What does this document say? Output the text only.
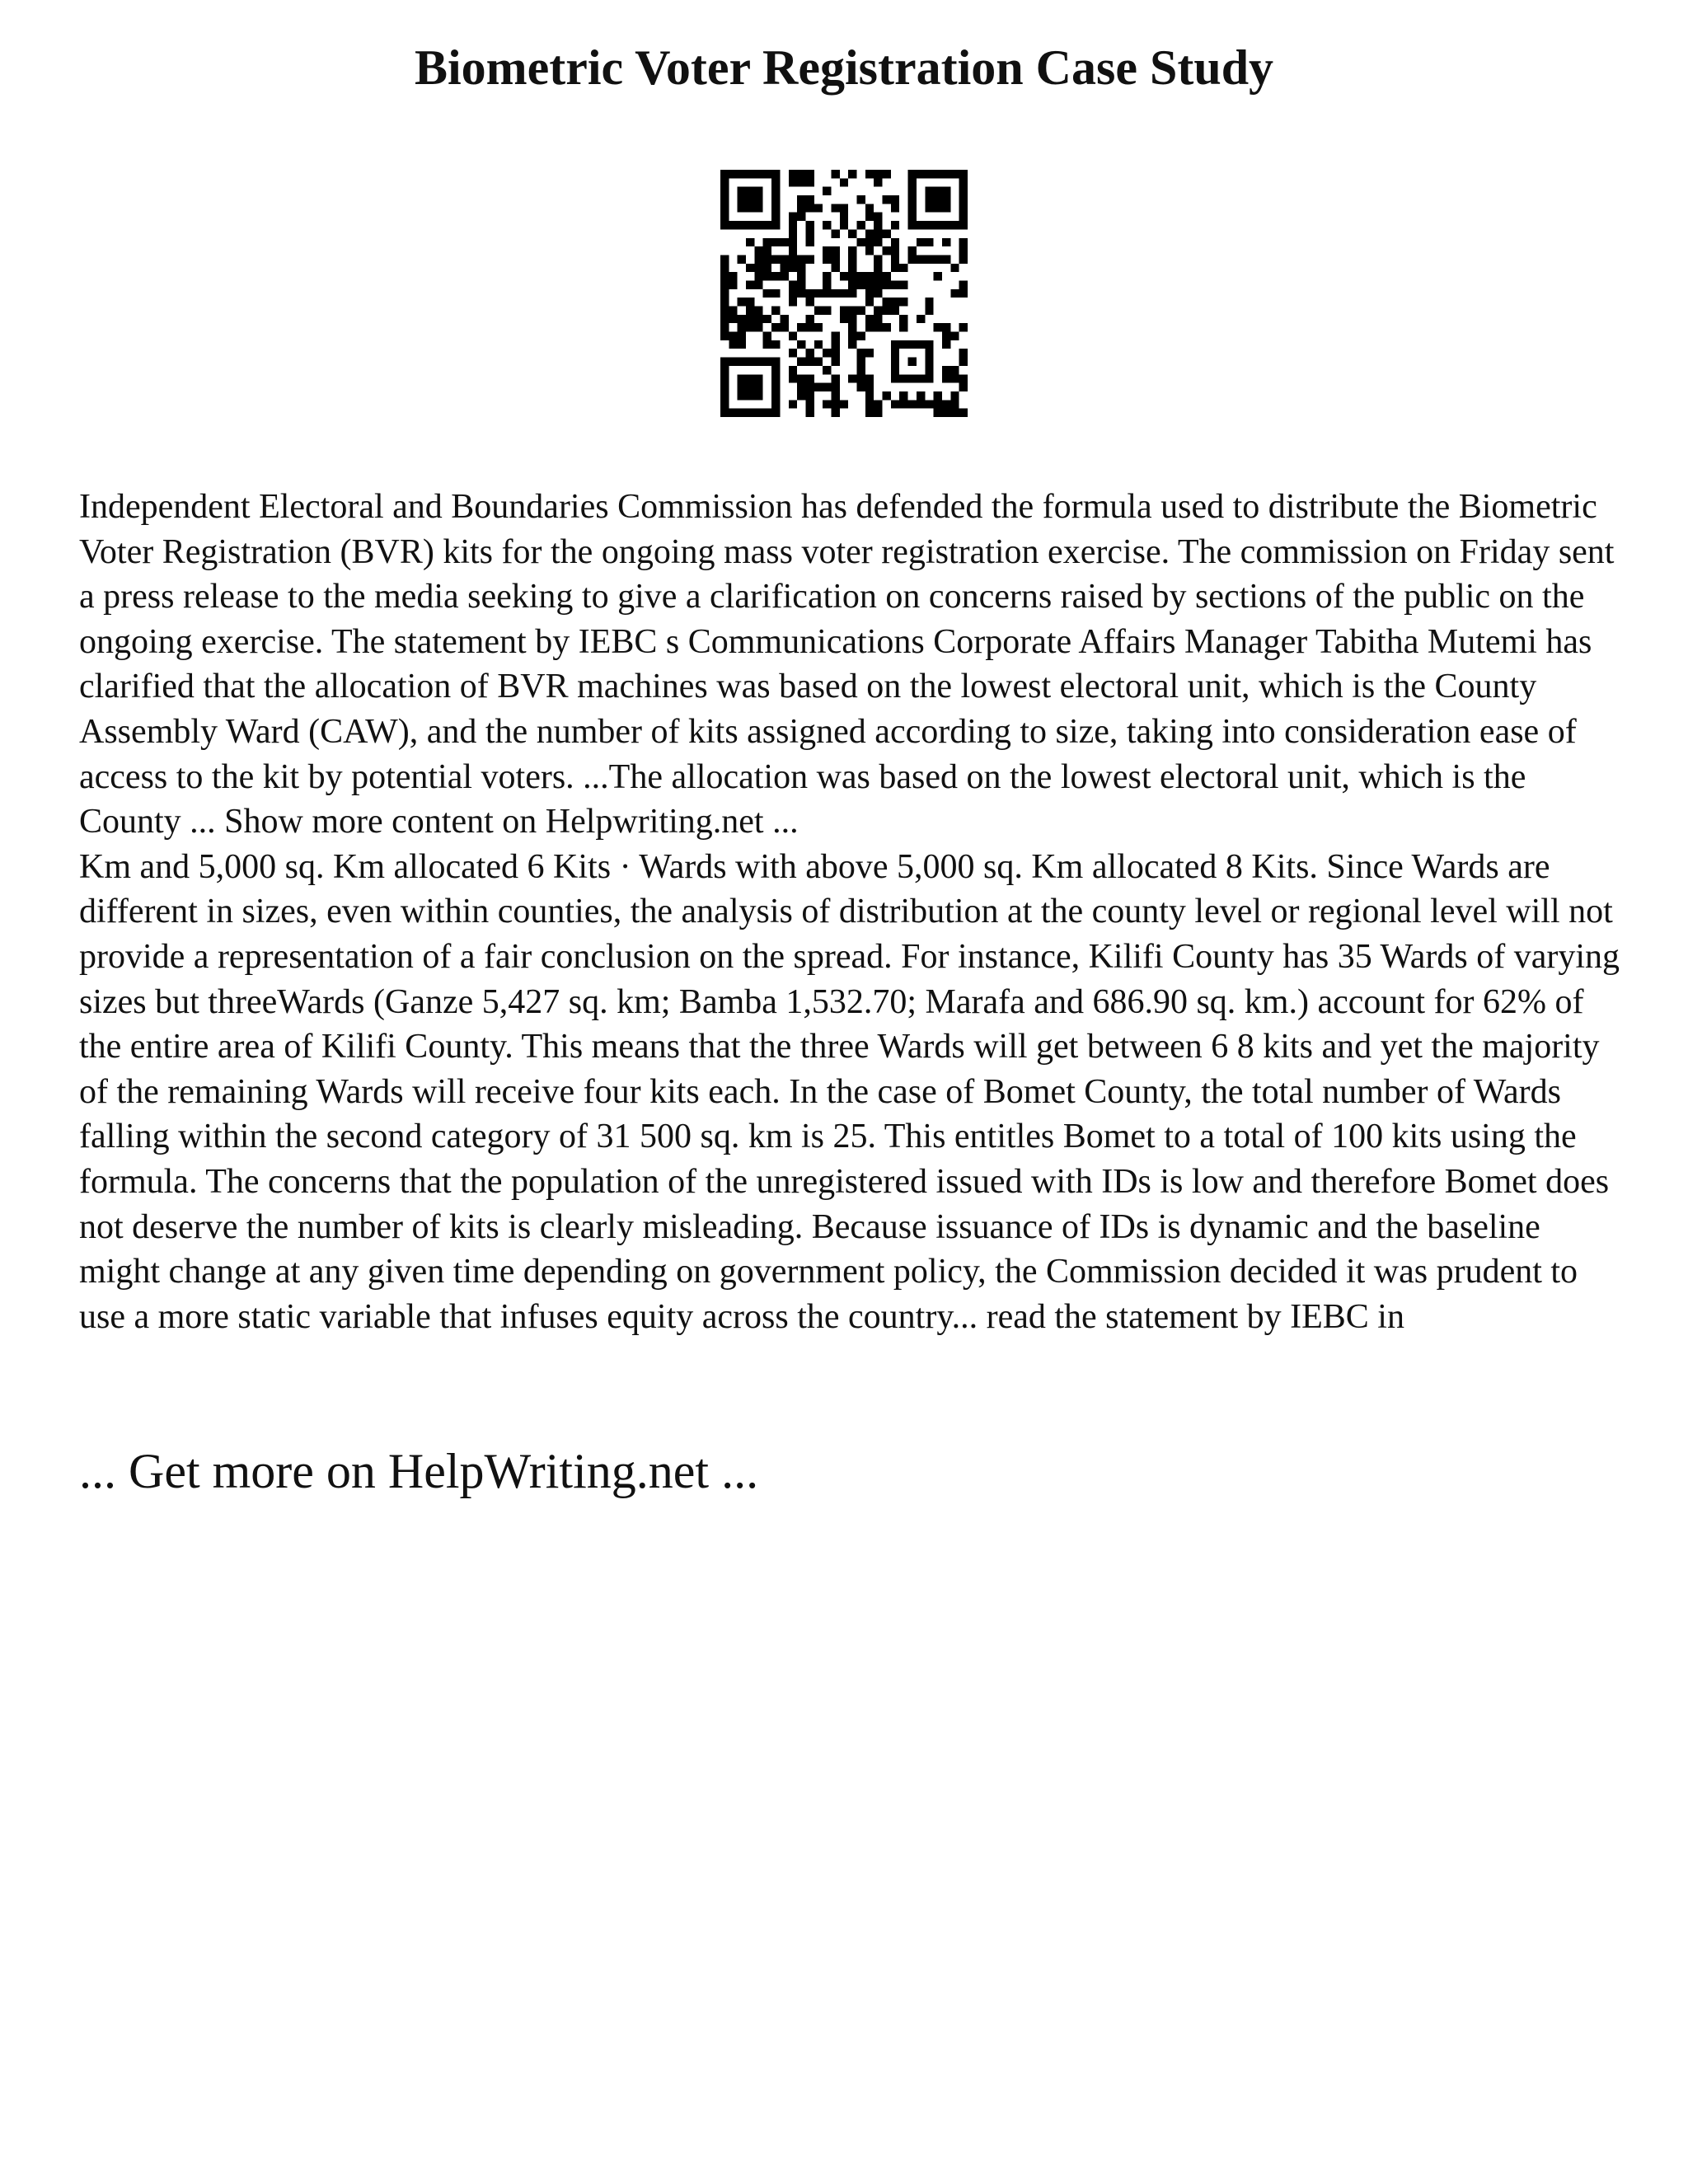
Biometric Voter Registration Case Study

Independent Electoral and Boundaries Commission has defended the formula used to distribute the Biometric Voter Registration (BVR) kits for the ongoing mass voter registration exercise. The commission on Friday sent a press release to the media seeking to give a clarification on concerns raised by sections of the public on the ongoing exercise. The statement by IEBC s Communications Corporate Affairs Manager Tabitha Mutemi has clarified that the allocation of BVR machines was based on the lowest electoral unit, which is the County Assembly Ward (CAW), and the number of kits assigned according to size, taking into consideration ease of access to the kit by potential voters. ...The allocation was based on the lowest electoral unit, which is the County ... Show more content on Helpwriting.net ...

Km and 5,000 sq. Km allocated 6 Kits · Wards with above 5,000 sq. Km allocated 8 Kits. Since Wards are different in sizes, even within counties, the analysis of distribution at the county level or regional level will not provide a representation of a fair conclusion on the spread. For instance, Kilifi County has 35 Wards of varying sizes but threeWards (Ganze 5,427 sq. km; Bamba 1,532.70; Marafa and 686.90 sq. km.) account for 62% of the entire area of Kilifi County. This means that the three Wards will get between 6 8 kits and yet the majority of the remaining Wards will receive four kits each. In the case of Bomet County, the total number of Wards falling within the second category of 31 500 sq. km is 25. This entitles Bomet to a total of 100 kits using the formula. The concerns that the population of the unregistered issued with IDs is low and therefore Bomet does not deserve the number of kits is clearly misleading. Because issuance of IDs is dynamic and the baseline might change at any given time depending on government policy, the Commission decided it was prudent to use a more static variable that infuses equity across the country... read the statement by IEBC in

... Get more on HelpWriting.net ...
